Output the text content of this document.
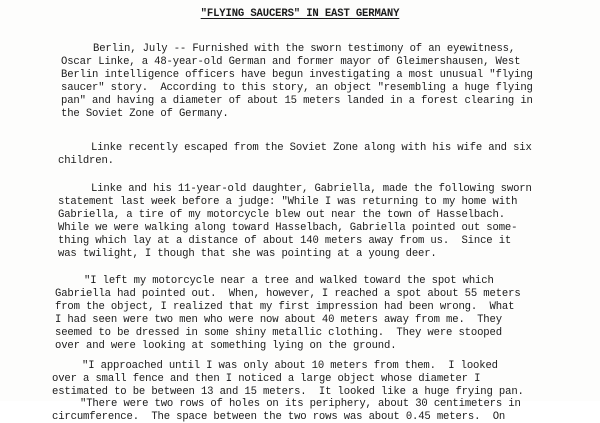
"FLYING SAUCERS" IN EAST GERMANY
Berlin, July -- Furnished with the sworn testimony of an eyewitness,
Oscar Linke, a 48-year-old German and former mayor of Gleimershausen, West
Berlin intelligence officers have begun investigating a most unusual "flying
saucer" story.  According to this story, an object "resembling a huge flying
pan" and having a diameter of about 15 meters landed in a forest clearing in
the Soviet Zone of Germany.
Linke recently escaped from the Soviet Zone along with his wife and six
children.
Linke and his 11-year-old daughter, Gabriella, made the following sworn
statement last week before a judge: "While I was returning to my home with
Gabriella, a tire of my motorcycle blew out near the town of Hasselbach.
While we were walking along toward Hasselbach, Gabriella pointed out some-
thing which lay at a distance of about 140 meters away from us.  Since it
was twilight, I though that she was pointing at a young deer.
"I left my motorcycle near a tree and walked toward the spot which
Gabriella had pointed out.  When, however, I reached a spot about 55 meters
from the object, I realized that my first impression had been wrong.  What
I had seen were two men who were now about 40 meters away from me.  They
seemed to be dressed in some shiny metallic clothing.  They were stooped
over and were looking at something lying on the ground.
"I approached until I was only about 10 meters from them.  I looked
over a small fence and then I noticed a large object whose diameter I
estimated to be between 13 and 15 meters.  It looked like a huge frying pan.
"There were two rows of holes on its periphery, about 30 centimeters in
circumference.  The space between the two rows was about 0.45 meters.  On
